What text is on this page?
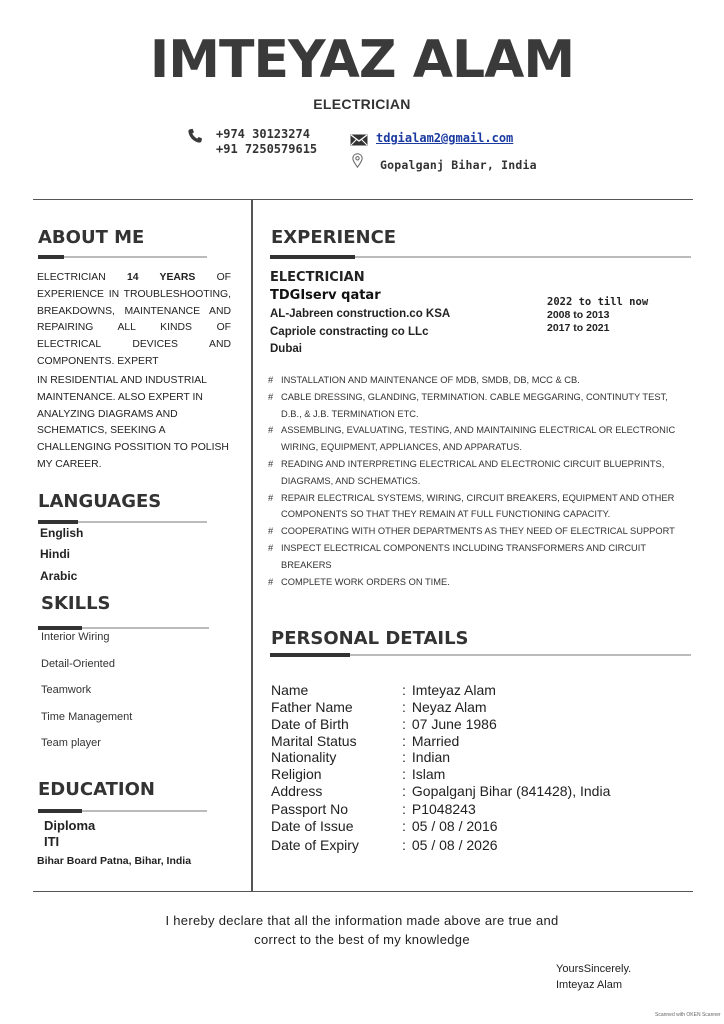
IMTEYAZ ALAM
ELECTRICIAN
+974 30123274
+91 7250579615
tdgialam2@gmail.com
Gopalganj Bihar, India
ABOUT ME
ELECTRICIAN 14 YEARS OF EXPERIENCE IN TROUBLESHOOTING, BREAKDOWNS, MAINTENANCE AND REPAIRING ALL KINDS OF ELECTRICAL DEVICES AND COMPONENTS. EXPERT
IN RESIDENTIAL AND INDUSTRIAL MAINTENANCE. ALSO EXPERT IN ANALYZING DIAGRAMS AND SCHEMATICS, SEEKING A CHALLENGING POSSITION TO POLISH MY CAREER.
LANGUAGES
English
Hindi
Arabic
SKILLS
Interior Wiring
Detail-Oriented
Teamwork
Time Management
Team player
EDUCATION
Diploma
ITI
Bihar Board Patna, Bihar, India
EXPERIENCE
ELECTRICIAN
TDGIserv qatar
AL-Jabreen construction.co KSA
Capriole constracting co LLc
Dubai
2022 to till now
2008 to 2013
2017 to 2021
# INSTALLATION AND MAINTENANCE OF MDB, SMDB, DB, MCC & CB.
# CABLE DRESSING, GLANDING, TERMINATION. CABLE MEGGARING, CONTINUTY TEST, D.B., & J.B. TERMINATION ETC.
# ASSEMBLING, EVALUATING, TESTING, AND MAINTAINING ELECTRICAL OR ELECTRONIC WIRING, EQUIPMENT, APPLIANCES, AND APPARATUS.
# READING AND INTERPRETING ELECTRICAL AND ELECTRONIC CIRCUIT BLUEPRINTS, DIAGRAMS, AND SCHEMATICS.
# REPAIR ELECTRICAL SYSTEMS, WIRING, CIRCUIT BREAKERS, EQUIPMENT AND OTHER COMPONENTS SO THAT THEY REMAIN AT FULL FUNCTIONING CAPACITY.
# COOPERATING WITH OTHER DEPARTMENTS AS THEY NEED OF ELECTRICAL SUPPORT
# INSPECT ELECTRICAL COMPONENTS INCLUDING TRANSFORMERS AND CIRCUIT BREAKERS
# COMPLETE WORK ORDERS ON TIME.
PERSONAL DETAILS
Name	: Imteyaz Alam
Father Name	: Neyaz Alam
Date of Birth	: 07 June 1986
Marital Status	: Married
Nationality	: Indian
Religion	: Islam
Address	: Gopalganj Bihar (841428), India
Passport No	: P1048243
Date of Issue	: 05 / 08 / 2016
Date of Expiry	: 05 / 08 / 2026
I hereby declare that all the information made above are true and
correct to the best of my knowledge
YoursSincerely.
Imteyaz Alam
Scanned with OKEN Scanner
